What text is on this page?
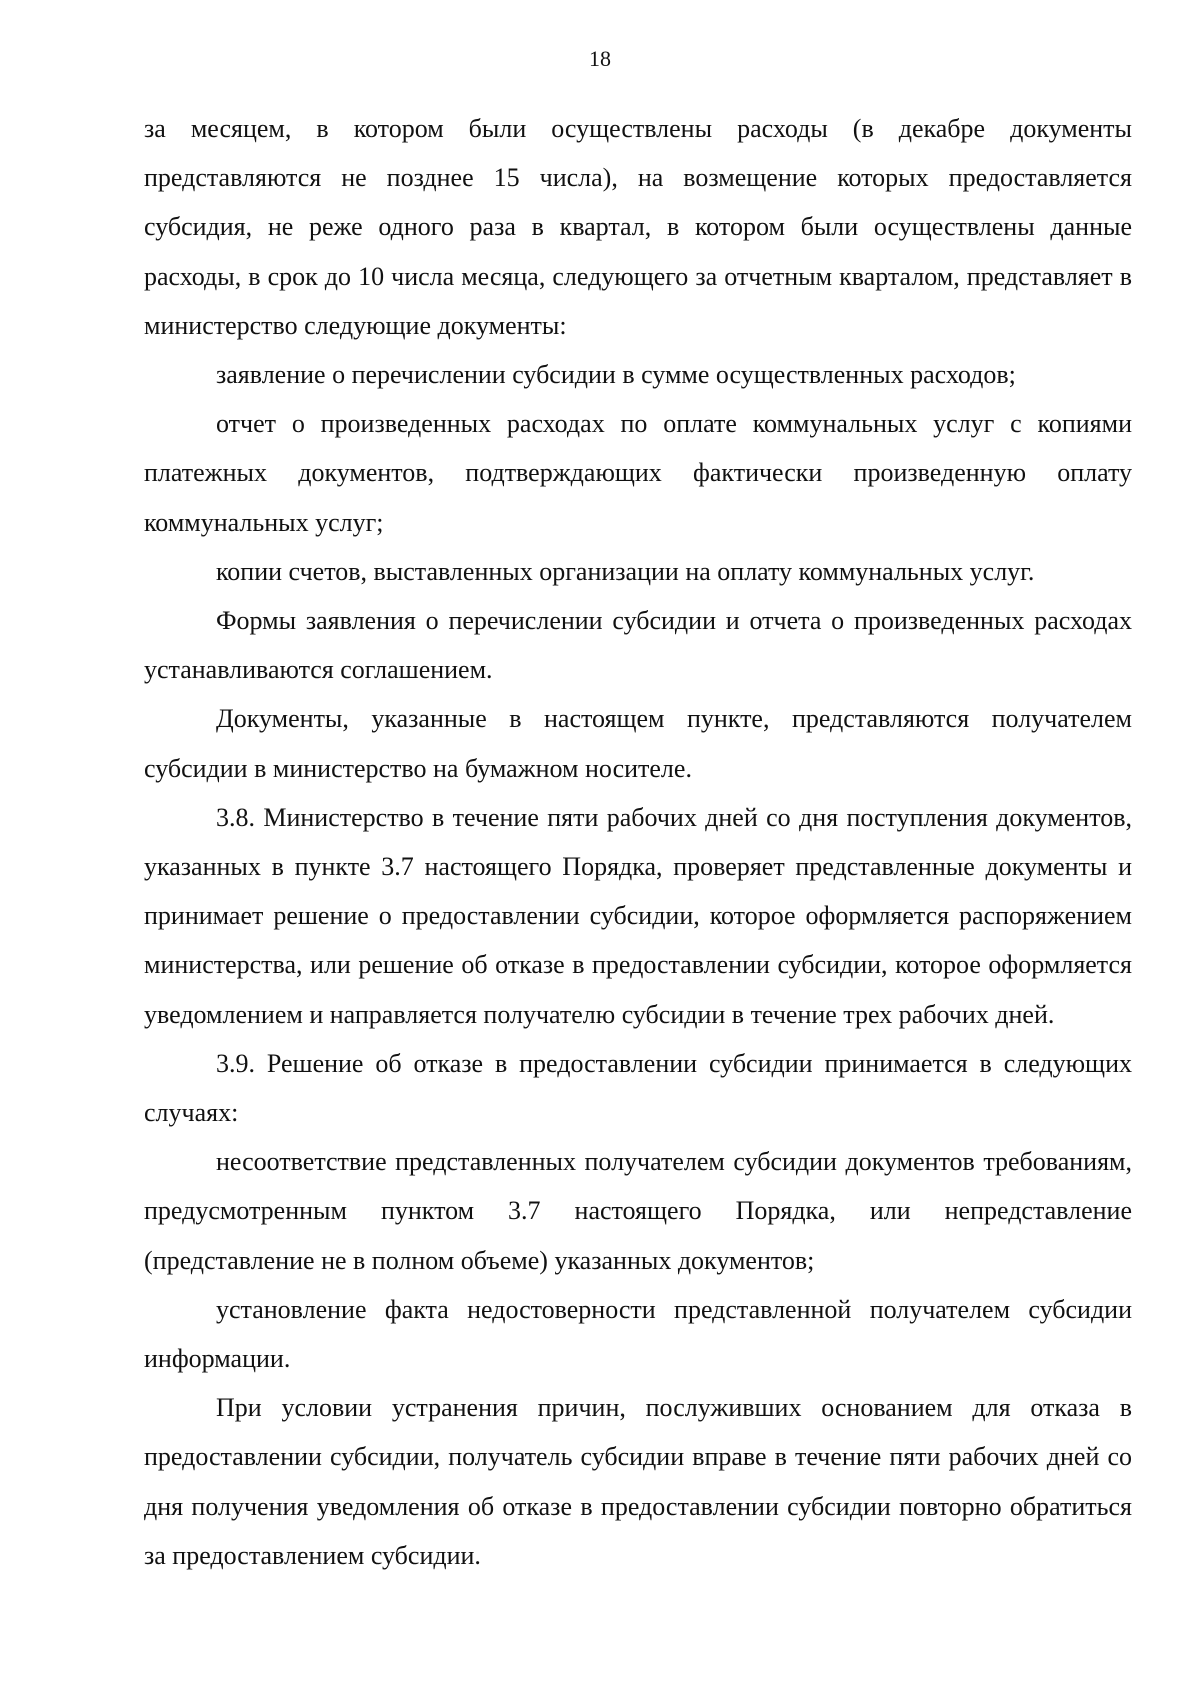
18

за месяцем, в котором были осуществлены расходы (в декабре документы представляются не позднее 15 числа), на возмещение которых предоставляется субсидия, не реже одного раза в квартал, в котором были осуществлены данные расходы, в срок до 10 числа месяца, следующего за отчетным кварталом, представляет в министерство следующие документы:

заявление о перечислении субсидии в сумме осуществленных расходов;

отчет о произведенных расходах по оплате коммунальных услуг с копиями платежных документов, подтверждающих фактически произведенную оплату коммунальных услуг;

копии счетов, выставленных организации на оплату коммунальных услуг.

Формы заявления о перечислении субсидии и отчета о произведенных расходах устанавливаются соглашением.

Документы, указанные в настоящем пункте, представляются получателем субсидии в министерство на бумажном носителе.

3.8. Министерство в течение пяти рабочих дней со дня поступления документов, указанных в пункте 3.7 настоящего Порядка, проверяет представленные документы и принимает решение о предоставлении субсидии, которое оформляется распоряжением министерства, или решение об отказе в предоставлении субсидии, которое оформляется уведомлением и направляется получателю субсидии в течение трех рабочих дней.

3.9. Решение об отказе в предоставлении субсидии принимается в следующих случаях:

несоответствие представленных получателем субсидии документов требованиям, предусмотренным пунктом 3.7 настоящего Порядка, или непредставление (представление не в полном объеме) указанных документов;

установление факта недостоверности представленной получателем субсидии информации.

При условии устранения причин, послуживших основанием для отказа в предоставлении субсидии, получатель субсидии вправе в течение пяти рабочих дней со дня получения уведомления об отказе в предоставлении субсидии повторно обратиться за предоставлением субсидии.
